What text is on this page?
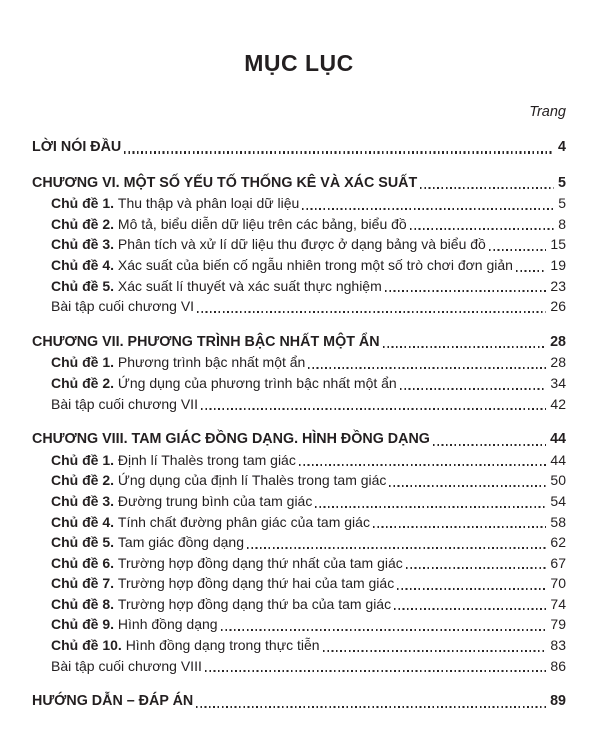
MỤC LỤC
Trang
LỜI NÓI ĐẦU	4
CHƯƠNG VI. MỘT SỐ YẾU TỐ THỐNG KÊ VÀ XÁC SUẤT	5
Chủ đề 1. Thu thập và phân loại dữ liệu	5
Chủ đề 2. Mô tả, biểu diễn dữ liệu trên các bảng, biểu đồ	8
Chủ đề 3. Phân tích và xử lí dữ liệu thu được ở dạng bảng và biểu đồ	15
Chủ đề 4. Xác suất của biến cố ngẫu nhiên trong một số trò chơi đơn giản	19
Chủ đề 5. Xác suất lí thuyết và xác suất thực nghiệm	23
Bài tập cuối chương VI	26
CHƯƠNG VII. PHƯƠNG TRÌNH BẬC NHẤT MỘT ẨN	28
Chủ đề 1. Phương trình bậc nhất một ẩn	28
Chủ đề 2. Ứng dụng của phương trình bậc nhất một ẩn	34
Bài tập cuối chương VII	42
CHƯƠNG VIII. TAM GIÁC ĐỒNG DẠNG. HÌNH ĐỒNG DẠNG	44
Chủ đề 1. Định lí Thalès trong tam giác	44
Chủ đề 2. Ứng dụng của định lí Thalès trong tam giác	50
Chủ đề 3. Đường trung bình của tam giác	54
Chủ đề 4. Tính chất đường phân giác của tam giác	58
Chủ đề 5. Tam giác đồng dạng	62
Chủ đề 6. Trường hợp đồng dạng thứ nhất của tam giác	67
Chủ đề 7. Trường hợp đồng dạng thứ hai của tam giác	70
Chủ đề 8. Trường hợp đồng dạng thứ ba của tam giác	74
Chủ đề 9. Hình đồng dạng	79
Chủ đề 10. Hình đồng dạng trong thực tiễn	83
Bài tập cuối chương VIII	86
HƯỚNG DẪN – ĐÁP ÁN	89
